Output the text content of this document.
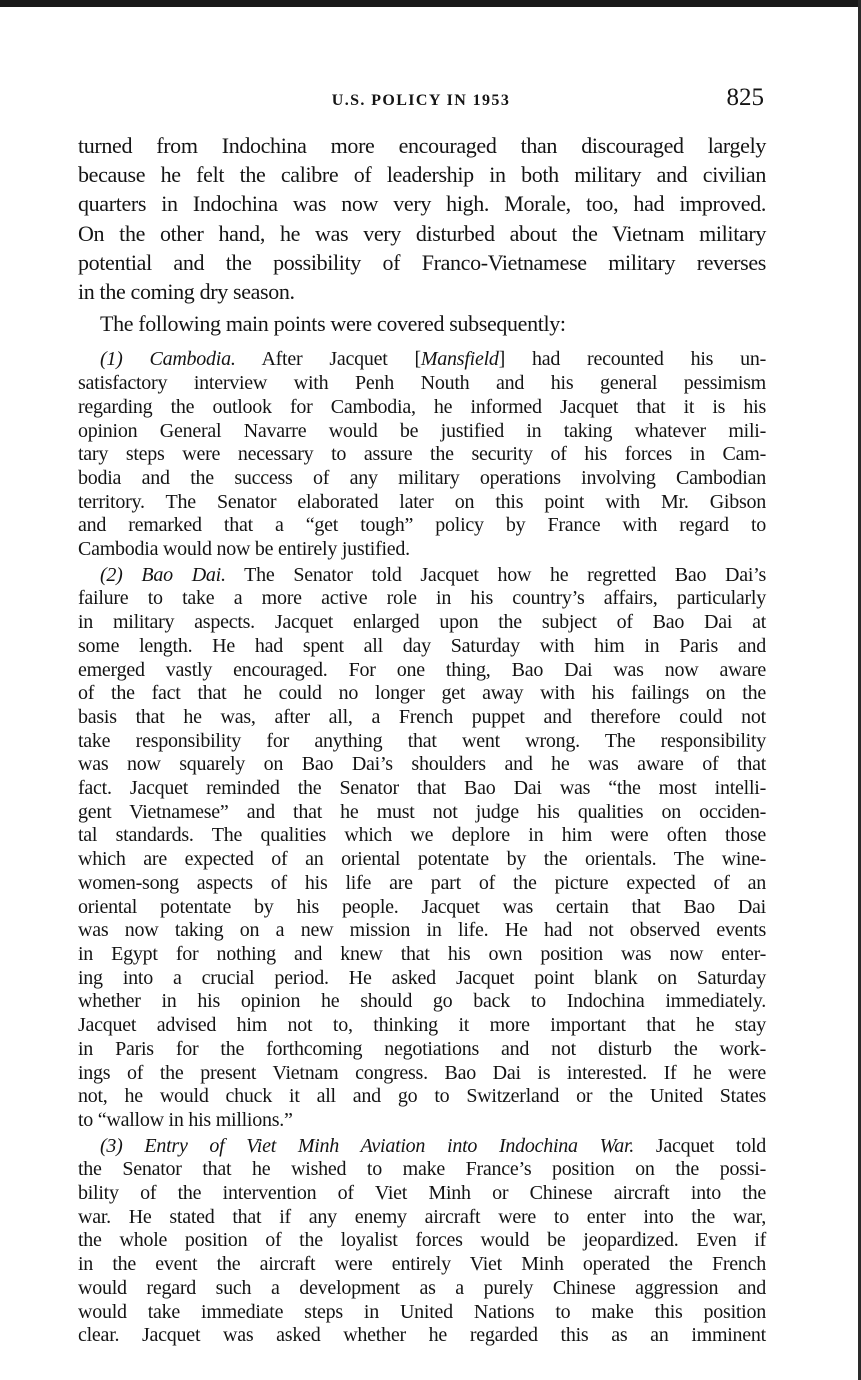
U.S. POLICY IN 1953	825
turned from Indochina more encouraged than discouraged largely
because he felt the calibre of leadership in both military and civilian
quarters in Indochina was now very high. Morale, too, had improved.
On the other hand, he was very disturbed about the Vietnam military
potential and the possibility of Franco-Vietnamese military reverses
in the coming dry season.
The following main points were covered subsequently:
(1) Cambodia. After Jacquet [Mansfield] had recounted his un-
satisfactory interview with Penh Nouth and his general pessimism
regarding the outlook for Cambodia, he informed Jacquet that it is his
opinion General Navarre would be justified in taking whatever mili-
tary steps were necessary to assure the security of his forces in Cam-
bodia and the success of any military operations involving Cambodian
territory. The Senator elaborated later on this point with Mr. Gibson
and remarked that a “get tough” policy by France with regard to
Cambodia would now be entirely justified.
(2) Bao Dai. The Senator told Jacquet how he regretted Bao Dai’s
failure to take a more active role in his country’s affairs, particularly
in military aspects. Jacquet enlarged upon the subject of Bao Dai at
some length. He had spent all day Saturday with him in Paris and
emerged vastly encouraged. For one thing, Bao Dai was now aware
of the fact that he could no longer get away with his failings on the
basis that he was, after all, a French puppet and therefore could not
take responsibility for anything that went wrong. The responsibility
was now squarely on Bao Dai’s shoulders and he was aware of that
fact. Jacquet reminded the Senator that Bao Dai was “the most intelli-
gent Vietnamese” and that he must not judge his qualities on occiden-
tal standards. The qualities which we deplore in him were often those
which are expected of an oriental potentate by the orientals. The wine-
women-song aspects of his life are part of the picture expected of an
oriental potentate by his people. Jacquet was certain that Bao Dai
was now taking on a new mission in life. He had not observed events
in Egypt for nothing and knew that his own position was now enter-
ing into a crucial period. He asked Jacquet point blank on Saturday
whether in his opinion he should go back to Indochina immediately.
Jacquet advised him not to, thinking it more important that he stay
in Paris for the forthcoming negotiations and not disturb the work-
ings of the present Vietnam congress. Bao Dai is interested. If he were
not, he would chuck it all and go to Switzerland or the United States
to “wallow in his millions.”
(3) Entry of Viet Minh Aviation into Indochina War. Jacquet told
the Senator that he wished to make France’s position on the possi-
bility of the intervention of Viet Minh or Chinese aircraft into the
war. He stated that if any enemy aircraft were to enter into the war,
the whole position of the loyalist forces would be jeopardized. Even if
in the event the aircraft were entirely Viet Minh operated the French
would regard such a development as a purely Chinese aggression and
would take immediate steps in United Nations to make this position
clear. Jacquet was asked whether he regarded this as an imminent
